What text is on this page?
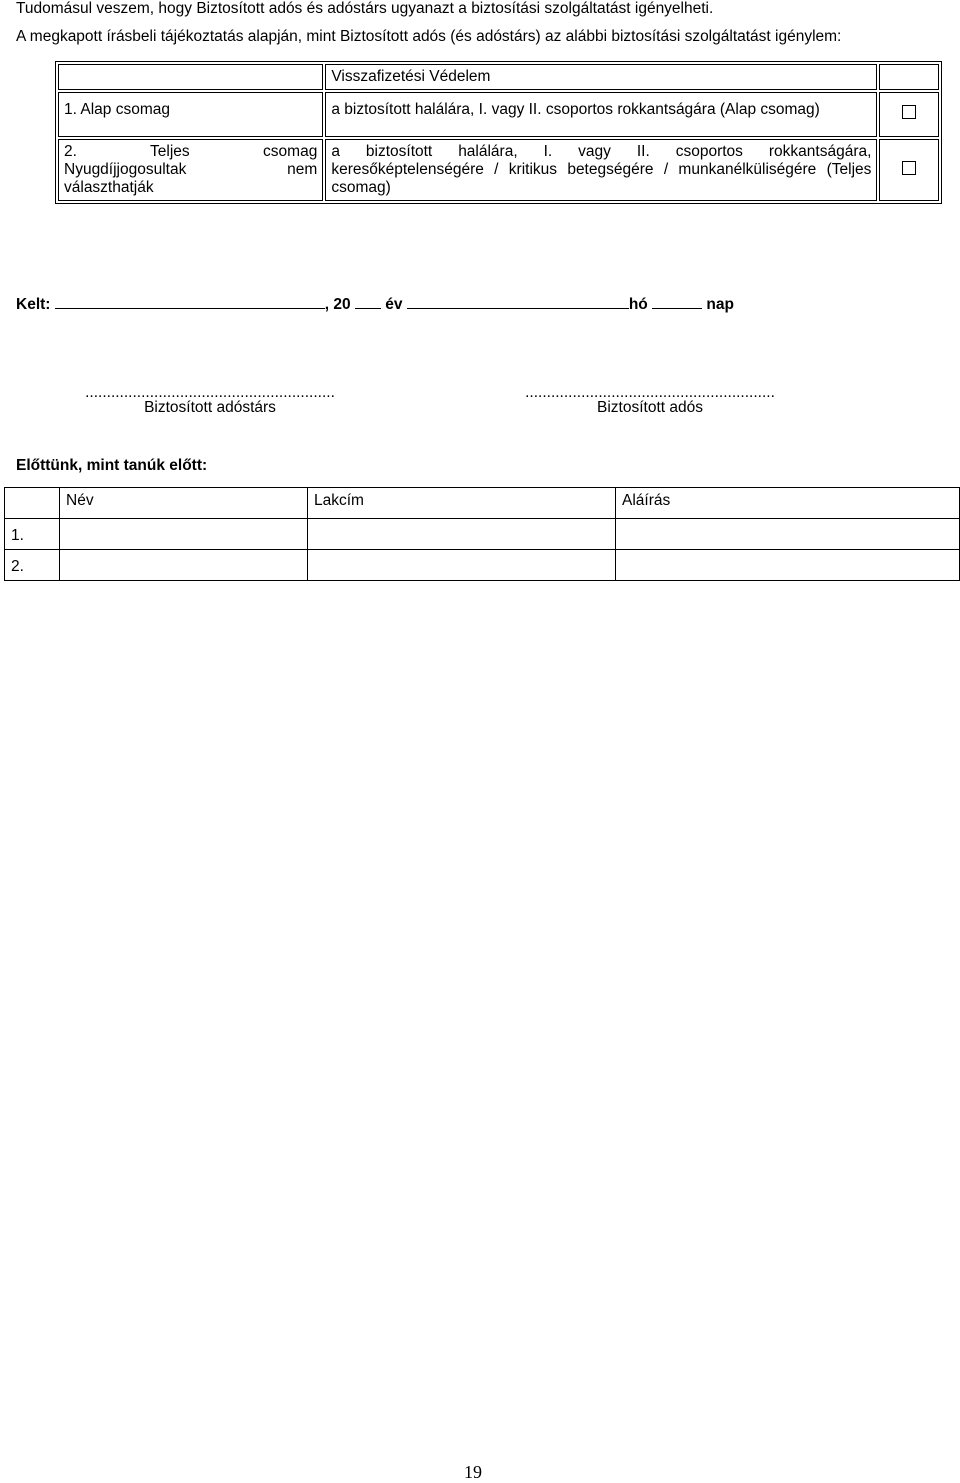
Tudomásul veszem, hogy Biztosított adós és adóstárs ugyanazt a biztosítási szolgáltatást igényelheti.
A megkapott írásbeli tájékoztatás alapján, mint Biztosított adós (és adóstárs) az alábbi biztosítási szolgáltatást igénylem:
	Visszafizetési Védelem	
1. Alap csomag	a biztosított halálára, I. vagy II. csoportos rokkantságára (Alap csomag)	

2. Teljes csomag
Nyugdíjjogosultak nem
választhatják	a biztosított halálára, I. vagy II. csoportos rokkantságára, keresőképtelenségére / kritikus betegségére / munkanélküliségére (Teljes csomag)	
Kelt:	, 20 év	hó	nap
..........................................................
Biztosított adóstárs
..........................................................
Biztosított adós
Előttünk, mint tanúk előtt:
	Név	Lakcím	Aláírás
1.			
2.			
19
